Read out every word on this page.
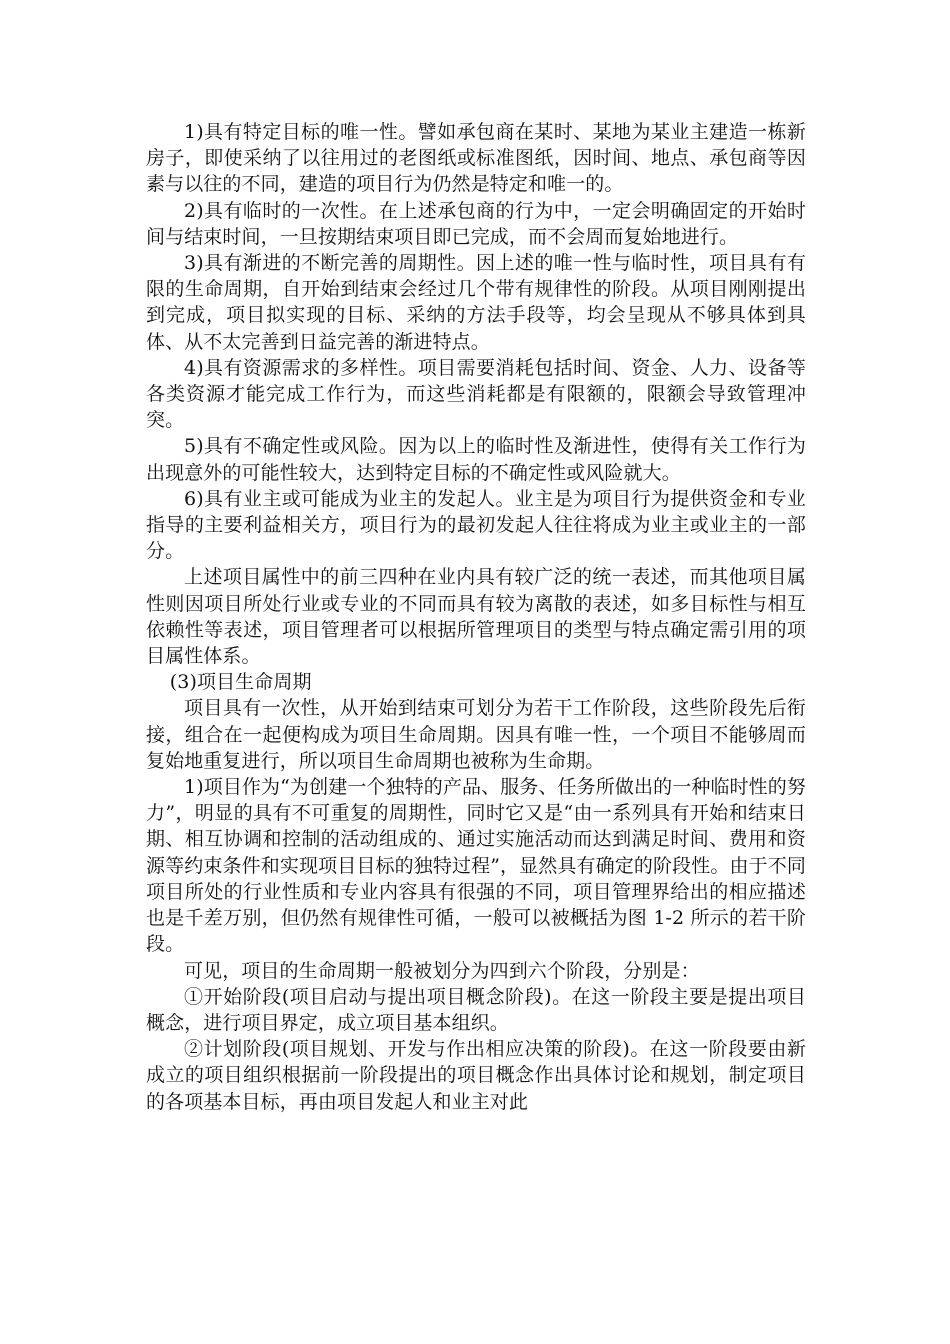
1)具有特定目标的唯一性。譬如承包商在某时、某地为某业主建造一栋新房子，即使采纳了以往用过的老图纸或标准图纸，因时间、地点、承包商等因素与以往的不同，建造的项目行为仍然是特定和唯一的。

2)具有临时的一次性。在上述承包商的行为中，一定会明确固定的开始时间与结束时间，一旦按期结束项目即已完成，而不会周而复始地进行。

3)具有渐进的不断完善的周期性。因上述的唯一性与临时性，项目具有有限的生命周期，自开始到结束会经过几个带有规律性的阶段。从项目刚刚提出到完成，项目拟实现的目标、采纳的方法手段等，均会呈现从不够具体到具体、从不太完善到日益完善的渐进特点。

4)具有资源需求的多样性。项目需要消耗包括时间、资金、人力、设备等各类资源才能完成工作行为，而这些消耗都是有限额的，限额会导致管理冲突。

5)具有不确定性或风险。因为以上的临时性及渐进性，使得有关工作行为出现意外的可能性较大，达到特定目标的不确定性或风险就大。

6)具有业主或可能成为业主的发起人。业主是为项目行为提供资金和专业指导的主要利益相关方，项目行为的最初发起人往往将成为业主或业主的一部分。

上述项目属性中的前三四种在业内具有较广泛的统一表述，而其他项目属性则因项目所处行业或专业的不同而具有较为离散的表述，如多目标性与相互依赖性等表述，项目管理者可以根据所管理项目的类型与特点确定需引用的项目属性体系。

(3)项目生命周期

项目具有一次性，从开始到结束可划分为若干工作阶段，这些阶段先后衔接，组合在一起便构成为项目生命周期。因具有唯一性，一个项目不能够周而复始地重复进行，所以项目生命周期也被称为生命期。

1)项目作为“为创建一个独特的产品、服务、任务所做出的一种临时性的努力”，明显的具有不可重复的周期性，同时它又是“由一系列具有开始和结束日期、相互协调和控制的活动组成的、通过实施活动而达到满足时间、费用和资源等约束条件和实现项目目标的独特过程”，显然具有确定的阶段性。由于不同项目所处的行业性质和专业内容具有很强的不同，项目管理界给出的相应描述也是千差万别，但仍然有规律性可循，一般可以被概括为图 1-2 所示的若干阶段。

可见，项目的生命周期一般被划分为四到六个阶段，分别是：

①开始阶段(项目启动与提出项目概念阶段)。在这一阶段主要是提出项目概念，进行项目界定，成立项目基本组织。

②计划阶段(项目规划、开发与作出相应决策的阶段)。在这一阶段要由新成立的项目组织根据前一阶段提出的项目概念作出具体讨论和规划，制定项目的各项基本目标，再由项目发起人和业主对此
